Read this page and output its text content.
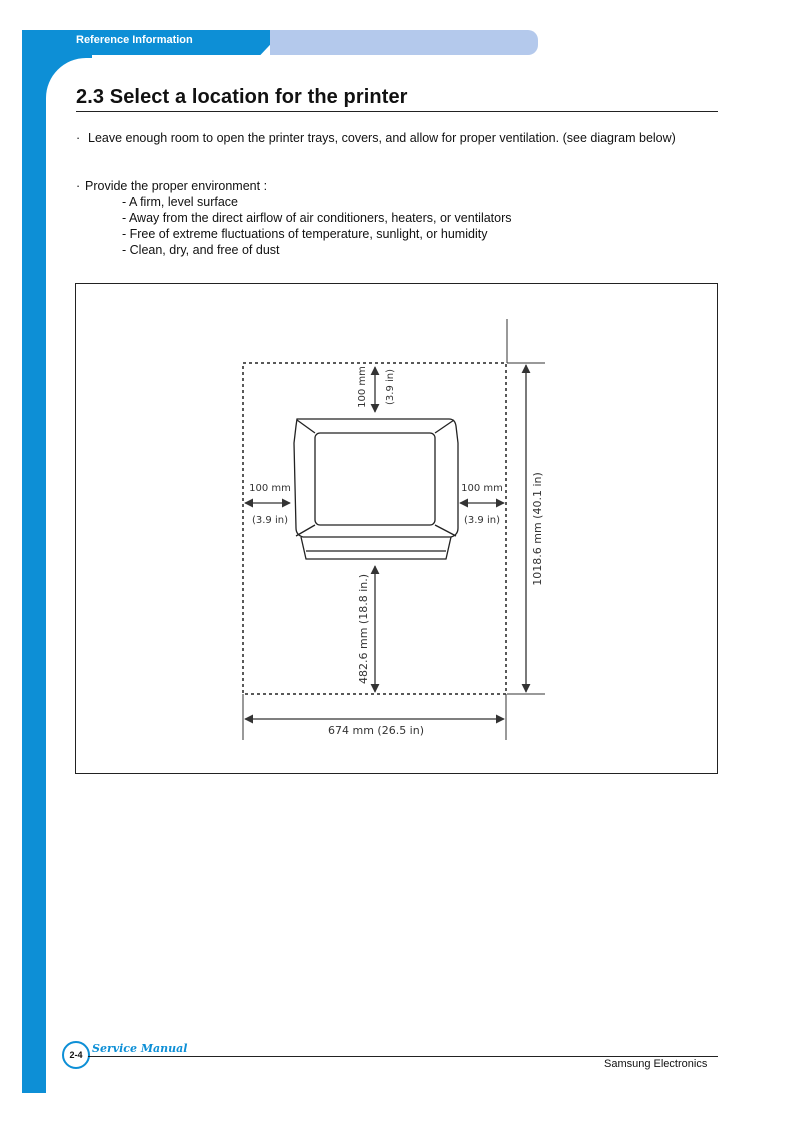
Reference Information
2.3 Select a location for the printer
· Leave enough room to open the printer trays, covers, and allow for proper ventilation. (see diagram below)
· Provide the proper environment :
- A firm, level surface
- Away from the direct airflow of air conditioners, heaters, or ventilators
- Free of extreme fluctuations of temperature, sunlight, or humidity
- Clean, dry, and free of dust
100 mm (3.9 in)
100 mm
(3.9 in)
100 mm
(3.9 in)
482.6 mm (18.8 in.)
1018.6 mm (40.1 in)
674 mm (26.5 in)
2-4 Service Manual
Samsung Electronics
